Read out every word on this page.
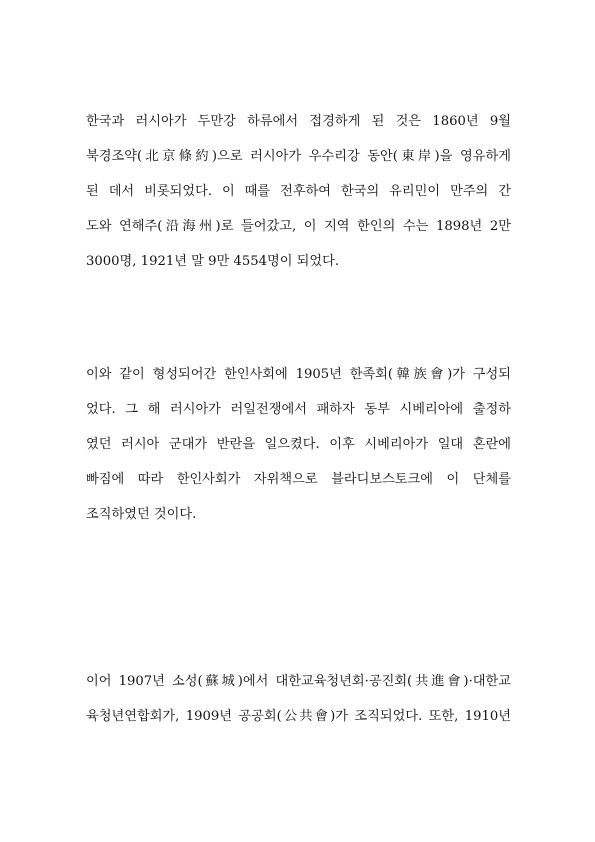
한국과 러시아가 두만강 하류에서 접경하게 된 것은 1860년 9월
북경조약(北京條約)으로 러시아가 우수리강 동안(東岸)을 영유하게
된 데서 비롯되었다. 이 때를 전후하여 한국의 유리민이 만주의 간
도와 연해주(沿海州)로 들어갔고, 이 지역 한인의 수는 1898년 2만
3000명, 1921년 말 9만 4554명이 되었다.
이와 같이 형성되어간 한인사회에 1905년 한족회(韓族會)가 구성되
었다. 그 해 러시아가 러일전쟁에서 패하자 동부 시베리아에 출정하
였던 러시아 군대가 반란을 일으켰다. 이후 시베리아가 일대 혼란에
빠짐에 따라 한인사회가 자위책으로 블라디보스토크에 이 단체를
조직하였던 것이다.
이어 1907년 소성(蘇城)에서 대한교육청년회·공진회(共進會)·대한교
육청년연합회가, 1909년 공공회(公共會)가 조직되었다. 또한, 1910년
